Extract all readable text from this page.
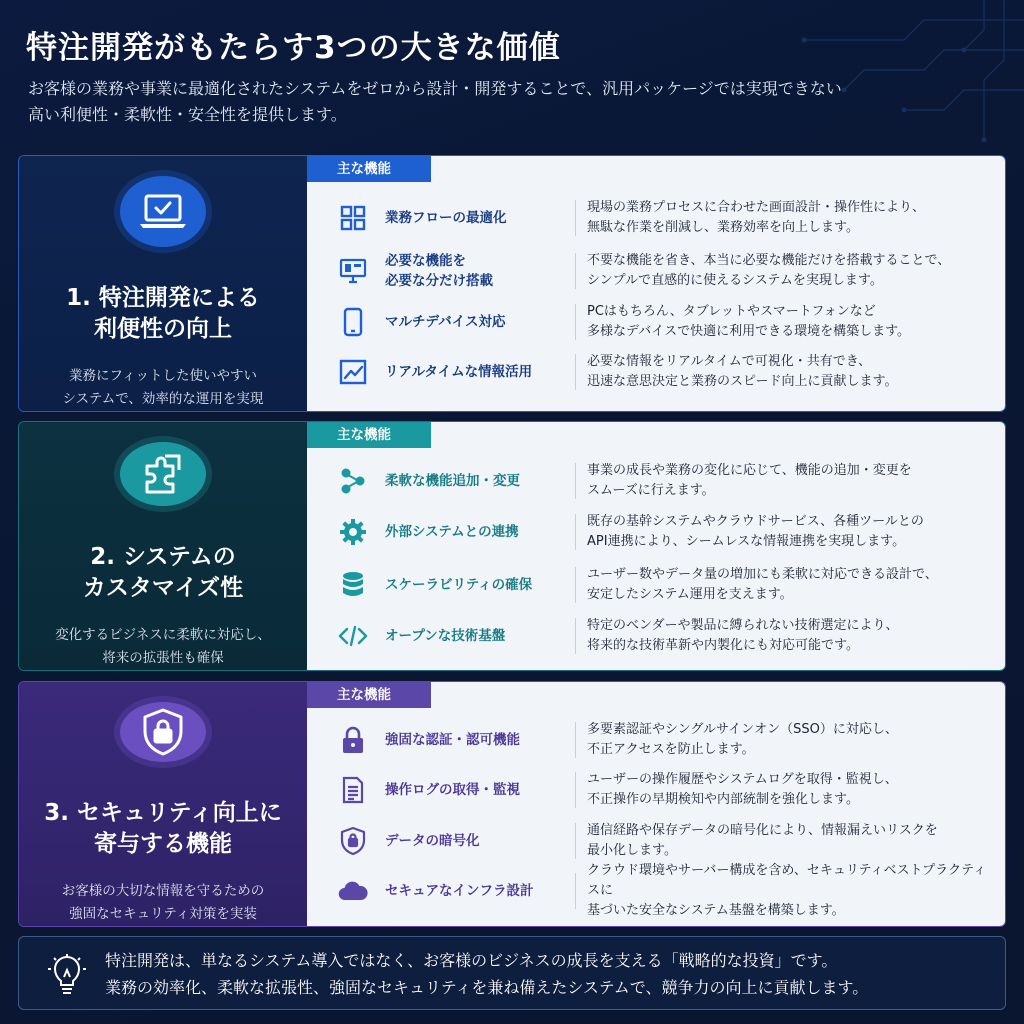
特注開発がもたらす3つの大きな価値

お客様の業務や事業に最適化されたシステムをゼロから設計・開発することで、汎用パッケージでは実現できない
高い利便性・柔軟性・安全性を提供します。

1. 特注開発による
利便性の向上
業務にフィットした使いやすい
システムで、効率的な運用を実現
主な機能
業務フローの最適化
現場の業務プロセスに合わせた画面設計・操作性により、
無駄な作業を削減し、業務効率を向上します。
必要な機能を
必要な分だけ搭載
不要な機能を省き、本当に必要な機能だけを搭載することで、
シンプルで直感的に使えるシステムを実現します。
マルチデバイス対応
PCはもちろん、タブレットやスマートフォンなど
多様なデバイスで快適に利用できる環境を構築します。
リアルタイムな情報活用
必要な情報をリアルタイムで可視化・共有でき、
迅速な意思決定と業務のスピード向上に貢献します。
2. システムの
カスタマイズ性
変化するビジネスに柔軟に対応し、
将来の拡張性も確保
主な機能
柔軟な機能追加・変更
事業の成長や業務の変化に応じて、機能の追加・変更を
スムーズに行えます。
外部システムとの連携
既存の基幹システムやクラウドサービス、各種ツールとの
API連携により、シームレスな情報連携を実現します。
スケーラビリティの確保
ユーザー数やデータ量の増加にも柔軟に対応できる設計で、
安定したシステム運用を支えます。
オープンな技術基盤
特定のベンダーや製品に縛られない技術選定により、
将来的な技術革新や内製化にも対応可能です。
3. セキュリティ向上に
寄与する機能
お客様の大切な情報を守るための
強固なセキュリティ対策を実装
主な機能
強固な認証・認可機能
多要素認証やシングルサインオン（SSO）に対応し、
不正アクセスを防止します。
操作ログの取得・監視
ユーザーの操作履歴やシステムログを取得・監視し、
不正操作の早期検知や内部統制を強化します。
データの暗号化
通信経路や保存データの暗号化により、情報漏えいリスクを
最小化します。
セキュアなインフラ設計
クラウド環境やサーバー構成を含め、セキュリティベストプラクティスに
基づいた安全なシステム基盤を構築します。
特注開発は、単なるシステム導入ではなく、お客様のビジネスの成長を支える「戦略的な投資」です。
業務の効率化、柔軟な拡張性、強固なセキュリティを兼ね備えたシステムで、競争力の向上に貢献します。
